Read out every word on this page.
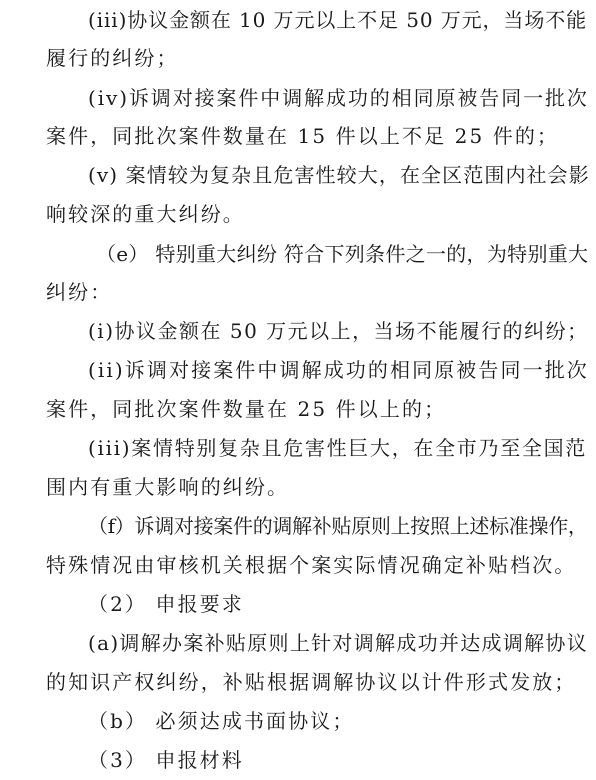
(iii)协议金额在 10 万元以上不足 50 万元，当场不能
履行的纠纷；
(iv)诉调对接案件中调解成功的相同原被告同一批次
案件，同批次案件数量在 15 件以上不足 25 件的；
(v) 案情较为复杂且危害性较大，在全区范围内社会影
响较深的重大纠纷。
（e） 特别重大纠纷 符合下列条件之一的，为特别重大
纠纷：
(i)协议金额在 50 万元以上，当场不能履行的纠纷；
(ii)诉调对接案件中调解成功的相同原被告同一批次
案件，同批次案件数量在 25 件以上的；
(iii)案情特别复杂且危害性巨大，在全市乃至全国范
围内有重大影响的纠纷。
（f）诉调对接案件的调解补贴原则上按照上述标准操作，
特殊情况由审核机关根据个案实际情况确定补贴档次。
（2） 申报要求
(a)调解办案补贴原则上针对调解成功并达成调解协议
的知识产权纠纷，补贴根据调解协议以计件形式发放；
（b） 必须达成书面协议；
（3） 申报材料
